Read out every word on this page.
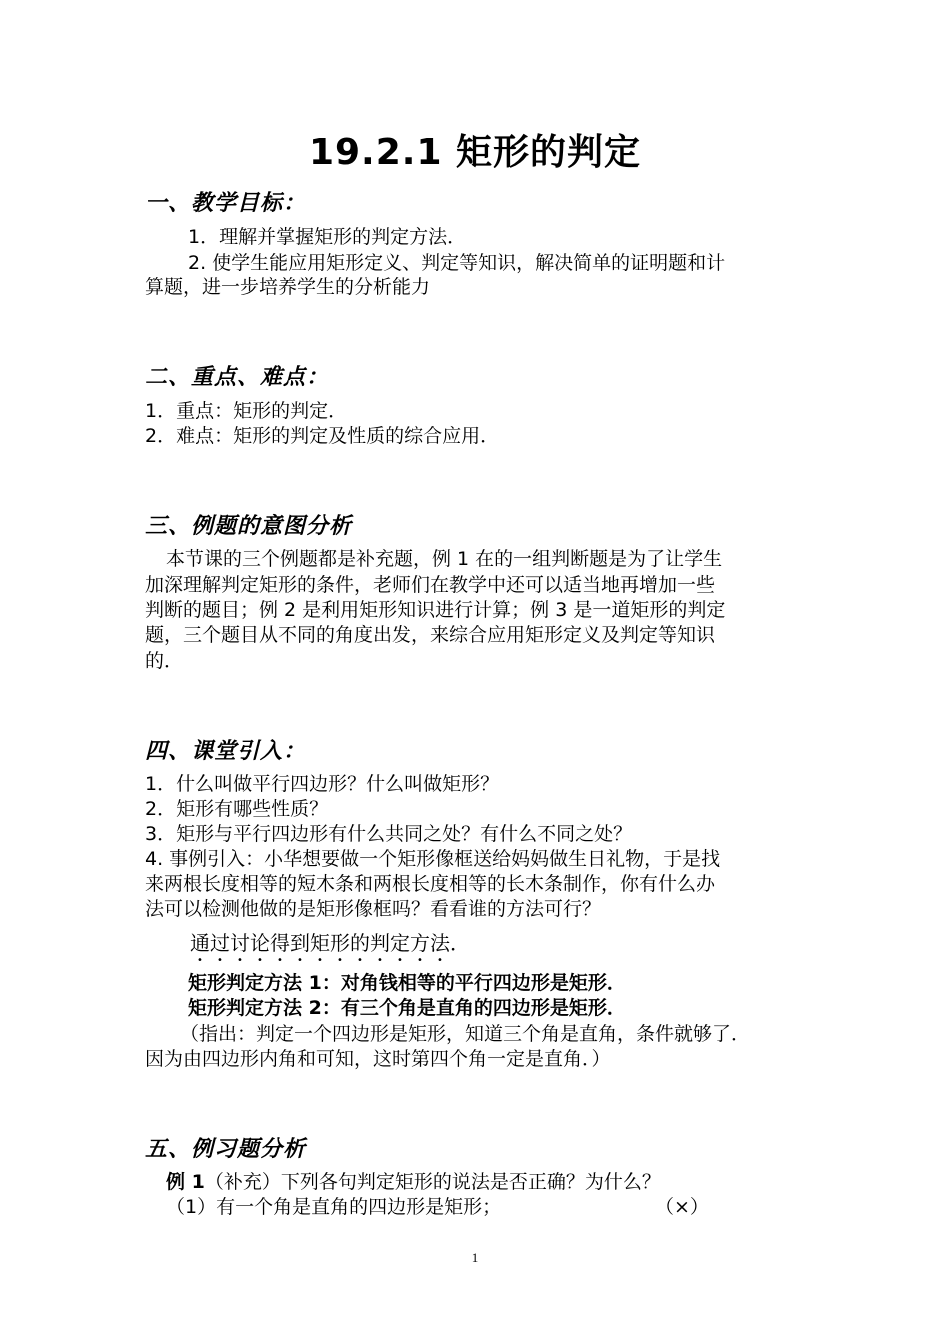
19.2.1 矩形的判定
一、教学目标：
1．理解并掌握矩形的判定方法．
2. 使学生能应用矩形定义、判定等知识，解决简单的证明题和计
算题，进一步培养学生的分析能力
二、重点、难点：
1．重点：矩形的判定．
2．难点：矩形的判定及性质的综合应用．
三、例题的意图分析
本节课的三个例题都是补充题，例 1 在的一组判断题是为了让学生
加深理解判定矩形的条件，老师们在教学中还可以适当地再增加一些
判断的题目；例 2 是利用矩形知识进行计算；例 3 是一道矩形的判定
题，三个题目从不同的角度出发，来综合应用矩形定义及判定等知识
的．
四、课堂引入：
1．什么叫做平行四边形？什么叫做矩形？
2．矩形有哪些性质？
3．矩形与平行四边形有什么共同之处？有什么不同之处？
4. 事例引入：小华想要做一个矩形像框送给妈妈做生日礼物，于是找
来两根长度相等的短木条和两根长度相等的长木条制作，你有什么办
法可以检测他做的是矩形像框吗？看看谁的方法可行？
通过讨论得到矩形的判定方法．
矩形判定方法 1：对角钱相等的平行四边形是矩形．
矩形判定方法 2：有三个角是直角的四边形是矩形．
（指出：判定一个四边形是矩形，知道三个角是直角，条件就够了．
因为由四边形内角和可知，这时第四个角一定是直角．）
五、例习题分析
例 1（补充）下列各句判定矩形的说法是否正确？为什么？
（1）有一个角是直角的四边形是矩形；	（×）
1
